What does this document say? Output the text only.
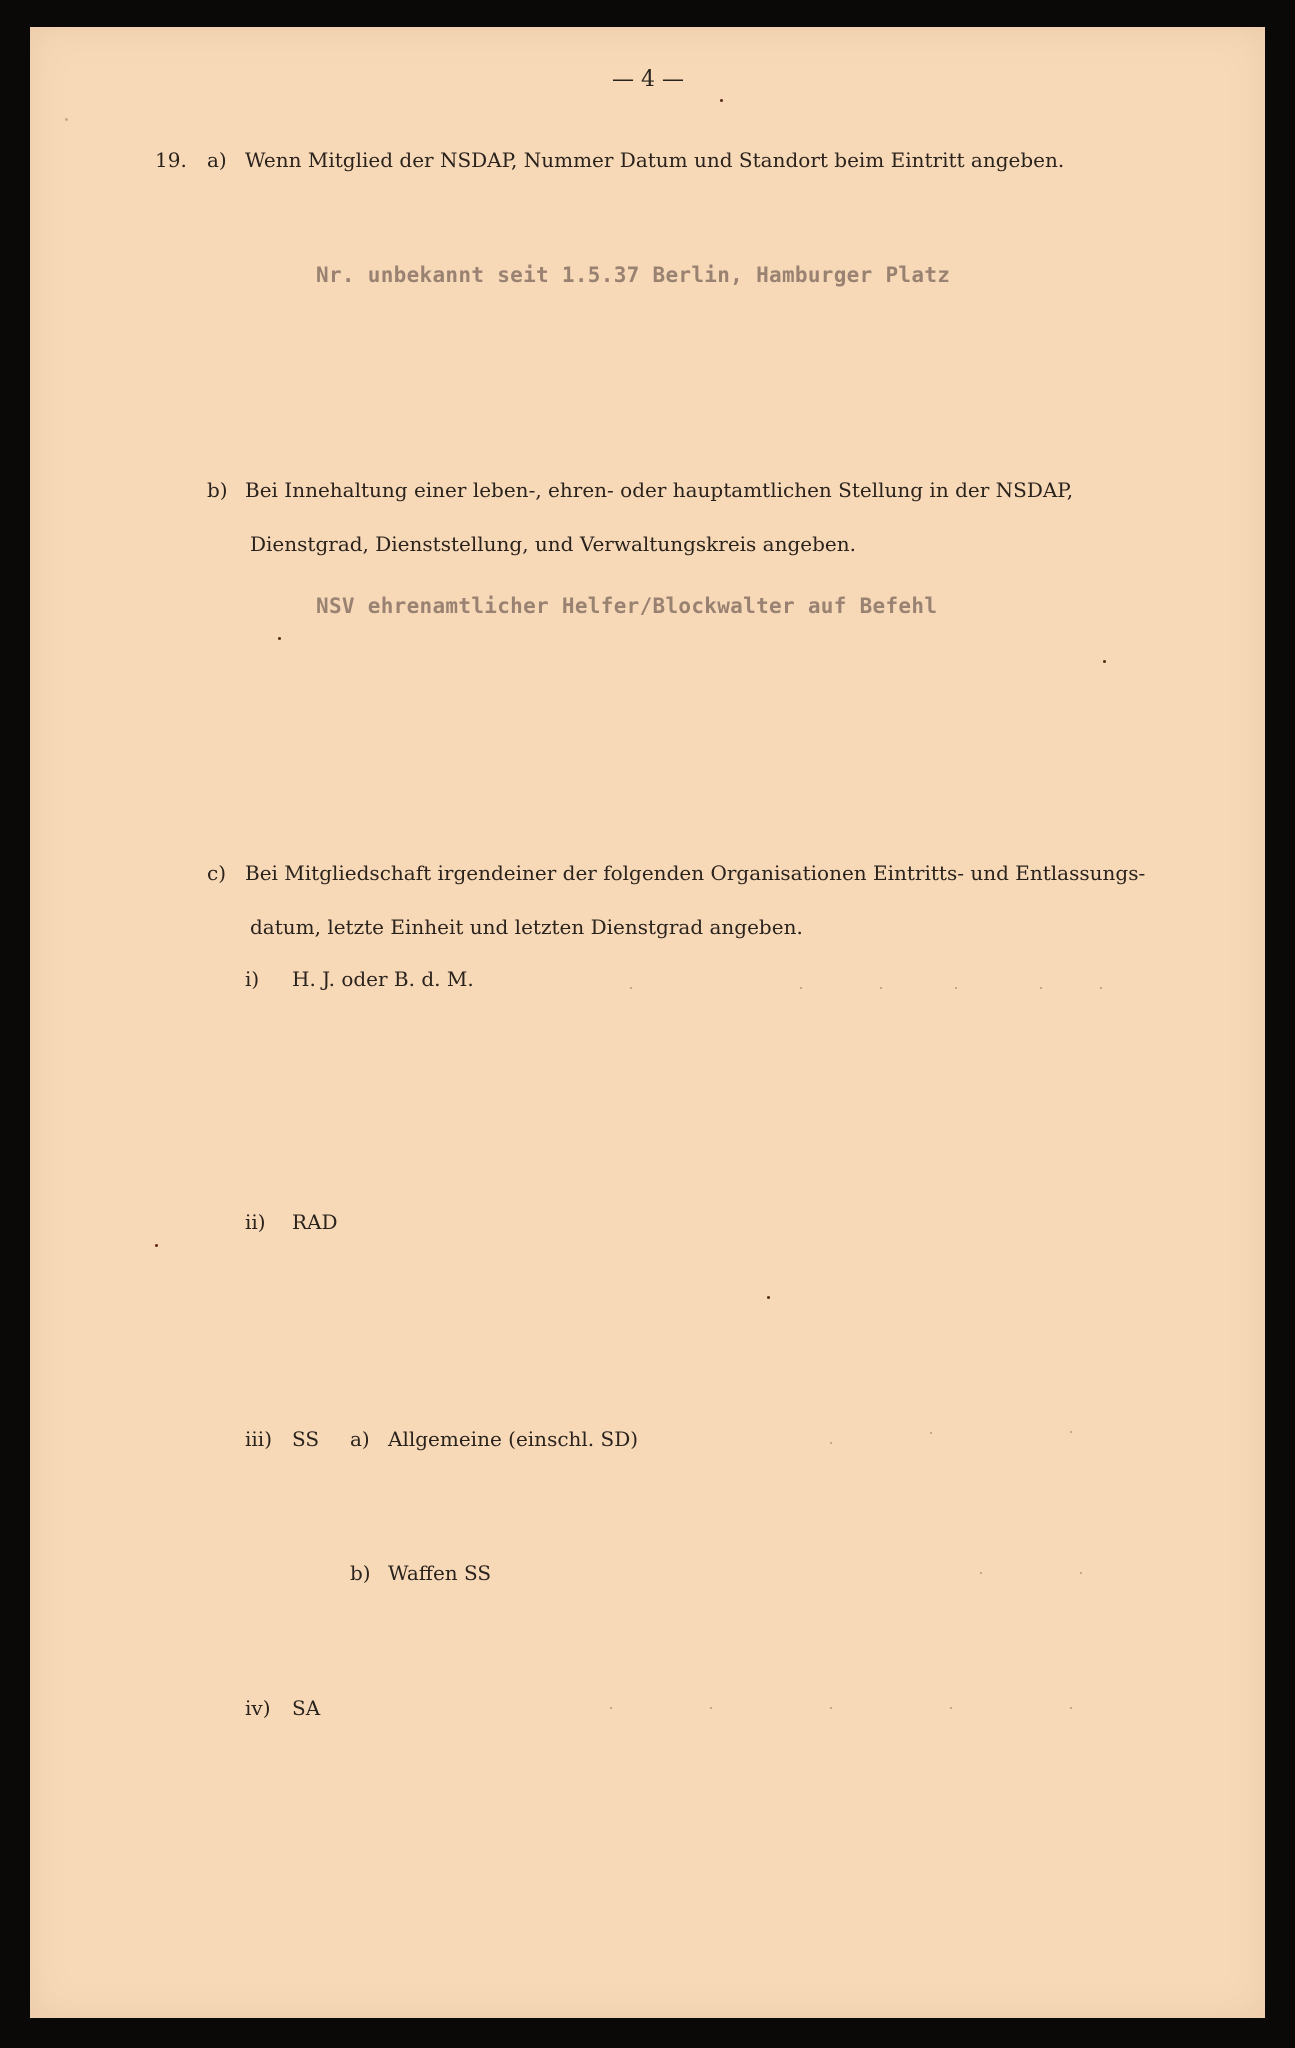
— 4 —
19. a) Wenn Mitglied der NSDAP, Nummer Datum und Standort beim Eintritt angeben.
Nr. unbekannt seit 1.5.37 Berlin, Hamburger Platz
b) Bei Innehaltung einer leben-, ehren- oder hauptamtlichen Stellung in der NSDAP,
Dienstgrad, Dienststellung, und Verwaltungskreis angeben.
NSV ehrenamtlicher Helfer/Blockwalter auf Befehl
c) Bei Mitgliedschaft irgendeiner der folgenden Organisationen Eintritts- und Entlassungs-
datum, letzte Einheit und letzten Dienstgrad angeben.
i) H. J. oder B. d. M.
ii) RAD
iii) SS a) Allgemeine (einschl. SD)
b) Waffen SS
iv) SA
